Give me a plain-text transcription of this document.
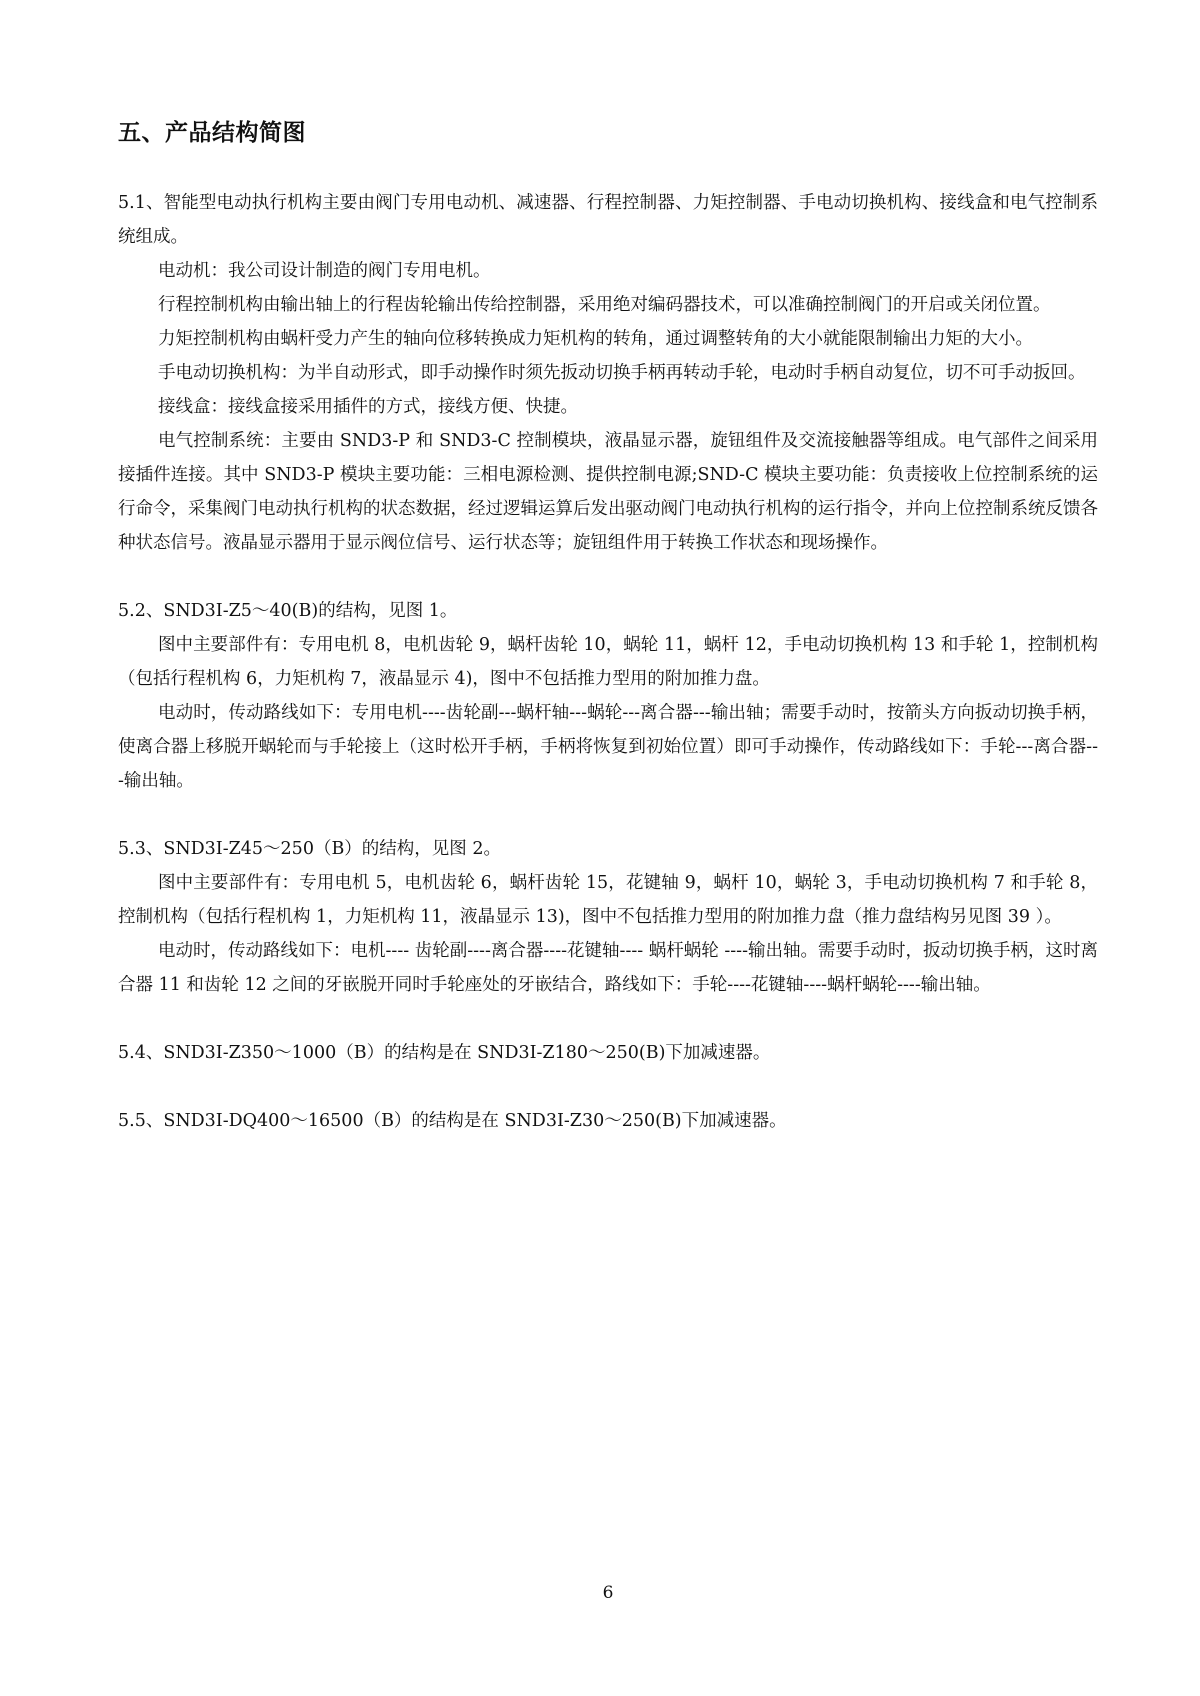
五、产品结构简图

5.1、智能型电动执行机构主要由阀门专用电动机、减速器、行程控制器、力矩控制器、手电动切换机构、接线盒和电气控制系统组成。

电动机：我公司设计制造的阀门专用电机。

行程控制机构由输出轴上的行程齿轮输出传给控制器，采用绝对编码器技术，可以准确控制阀门的开启或关闭位置。

力矩控制机构由蜗杆受力产生的轴向位移转换成力矩机构的转角，通过调整转角的大小就能限制输出力矩的大小。

手电动切换机构：为半自动形式，即手动操作时须先扳动切换手柄再转动手轮，电动时手柄自动复位，切不可手动扳回。

接线盒：接线盒接采用插件的方式，接线方便、快捷。

电气控制系统：主要由 SND3-P 和 SND3-C 控制模块，液晶显示器，旋钮组件及交流接触器等组成。电气部件之间采用接插件连接。其中 SND3-P 模块主要功能：三相电源检测、提供控制电源;SND-C 模块主要功能：负责接收上位控制系统的运行命令，采集阀门电动执行机构的状态数据，经过逻辑运算后发出驱动阀门电动执行机构的运行指令，并向上位控制系统反馈各种状态信号。液晶显示器用于显示阀位信号、运行状态等；旋钮组件用于转换工作状态和现场操作。

5.2、SND3I-Z5～40(B)的结构，见图 1。

图中主要部件有：专用电机 8，电机齿轮 9，蜗杆齿轮 10，蜗轮 11，蜗杆 12，手电动切换机构 13 和手轮 1，控制机构（包括行程机构 6，力矩机构 7，液晶显示 4)，图中不包括推力型用的附加推力盘。

电动时，传动路线如下：专用电机----齿轮副---蜗杆轴---蜗轮---离合器---输出轴；需要手动时，按箭头方向扳动切换手柄，使离合器上移脱开蜗轮而与手轮接上（这时松开手柄，手柄将恢复到初始位置）即可手动操作，传动路线如下：手轮---离合器---输出轴。

5.3、SND3I-Z45～250（B）的结构，见图 2。

图中主要部件有：专用电机 5，电机齿轮 6，蜗杆齿轮 15，花键轴 9，蜗杆 10，蜗轮 3，手电动切换机构 7 和手轮 8，控制机构（包括行程机构 1，力矩机构 11，液晶显示 13)，图中不包括推力型用的附加推力盘（推力盘结构另见图 39 ）。

电动时，传动路线如下：电机---- 齿轮副----离合器----花键轴---- 蜗杆蜗轮 ----输出轴。需要手动时，扳动切换手柄，这时离合器 11 和齿轮 12 之间的牙嵌脱开同时手轮座处的牙嵌结合，路线如下：手轮----花键轴----蜗杆蜗轮----输出轴。

5.4、SND3I-Z350～1000（B）的结构是在 SND3I-Z180～250(B)下加减速器。

5.5、SND3I-DQ400～16500（B）的结构是在 SND3I-Z30～250(B)下加减速器。

6
